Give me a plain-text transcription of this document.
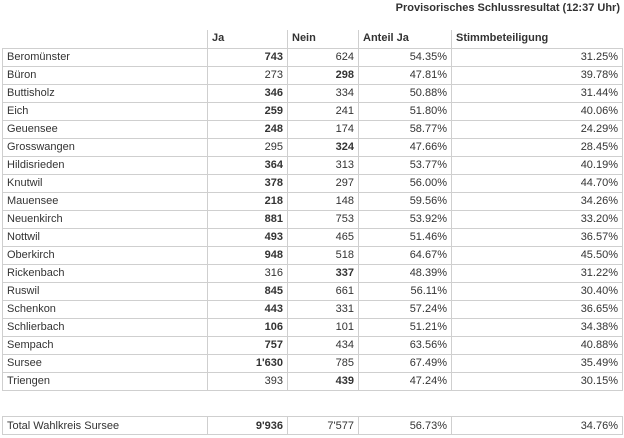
Provisorisches Schlussresultat (12:37 Uhr)
	Ja	Nein	Anteil Ja	Stimmbeteiligung
Beromünster	743	624	54.35%	31.25%
Büron	273	298	47.81%	39.78%
Buttisholz	346	334	50.88%	31.44%
Eich	259	241	51.80%	40.06%
Geuensee	248	174	58.77%	24.29%
Grosswangen	295	324	47.66%	28.45%
Hildisrieden	364	313	53.77%	40.19%
Knutwil	378	297	56.00%	44.70%
Mauensee	218	148	59.56%	34.26%
Neuenkirch	881	753	53.92%	33.20%
Nottwil	493	465	51.46%	36.57%
Oberkirch	948	518	64.67%	45.50%
Rickenbach	316	337	48.39%	31.22%
Ruswil	845	661	56.11%	30.40%
Schenkon	443	331	57.24%	36.65%
Schlierbach	106	101	51.21%	34.38%
Sempach	757	434	63.56%	40.88%
Sursee	1'630	785	67.49%	35.49%
Triengen	393	439	47.24%	30.15%
Total Wahlkreis Sursee	9'936	7'577	56.73%	34.76%
